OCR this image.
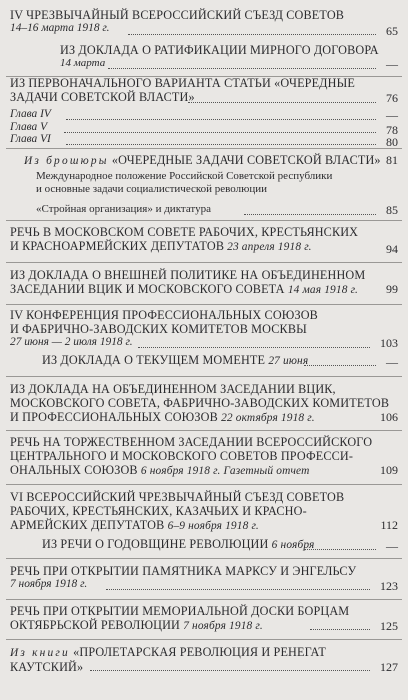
IV ЧРЕЗВЫЧАЙНЫЙ ВСЕРОССИЙСКИЙ СЪЕЗД СОВЕТОВ
14–16 марта 1918 г.	65
ИЗ ДОКЛАДА О РАТИФИКАЦИИ МИРНОГО ДОГОВОРА
14 марта	—
ИЗ ПЕРВОНАЧАЛЬНОГО ВАРИАНТА СТАТЬИ «ОЧЕРЕДНЫЕ
ЗАДАЧИ СОВЕТСКОЙ ВЛАСТИ»	76
Глава IV	—
Глава V	78
Глава VI	80
Из брошюры «ОЧЕРЕДНЫЕ ЗАДАЧИ СОВЕТСКОЙ ВЛАСТИ» 81
Международное положение Российской Советской республики
и основные задачи социалистической революции
«Стройная организация» и диктатура	85
РЕЧЬ В МОСКОВСКОМ СОВЕТЕ РАБОЧИХ, КРЕСТЬЯНСКИХ
И КРАСНОАРМЕЙСКИХ ДЕПУТАТОВ 23 апреля 1918 г.	94
ИЗ ДОКЛАДА О ВНЕШНЕЙ ПОЛИТИКЕ НА ОБЪЕДИНЕННОМ
ЗАСЕДАНИИ ВЦИК И МОСКОВСКОГО СОВЕТА 14 мая 1918 г.	99
IV КОНФЕРЕНЦИЯ ПРОФЕССИОНАЛЬНЫХ СОЮЗОВ
И ФАБРИЧНО-ЗАВОДСКИХ КОМИТЕТОВ МОСКВЫ
27 июня — 2 июля 1918 г.	103
ИЗ ДОКЛАДА О ТЕКУЩЕМ МОМЕНТЕ 27 июня	—
ИЗ ДОКЛАДА НА ОБЪЕДИНЕННОМ ЗАСЕДАНИИ ВЦИК,
МОСКОВСКОГО СОВЕТА, ФАБРИЧНО-ЗАВОДСКИХ КОМИТЕТОВ
И ПРОФЕССИОНАЛЬНЫХ СОЮЗОВ 22 октября 1918 г.	106
РЕЧЬ НА ТОРЖЕСТВЕННОМ ЗАСЕДАНИИ ВСЕРОССИЙСКОГО
ЦЕНТРАЛЬНОГО И МОСКОВСКОГО СОВЕТОВ ПРОФЕССИ-
ОНАЛЬНЫХ СОЮЗОВ 6 ноября 1918 г. Газетный отчет	109
VI ВСЕРОССИЙСКИЙ ЧРЕЗВЫЧАЙНЫЙ СЪЕЗД СОВЕТОВ
РАБОЧИХ, КРЕСТЬЯНСКИХ, КАЗАЧЬИХ И КРАСНО-
АРМЕЙСКИХ ДЕПУТАТОВ 6–9 ноября 1918 г.	112
ИЗ РЕЧИ О ГОДОВЩИНЕ РЕВОЛЮЦИИ 6 ноября	—
РЕЧЬ ПРИ ОТКРЫТИИ ПАМЯТНИКА МАРКСУ И ЭНГЕЛЬСУ
7 ноября 1918 г.	123
РЕЧЬ ПРИ ОТКРЫТИИ МЕМОРИАЛЬНОЙ ДОСКИ БОРЦАМ
ОКТЯБРЬСКОЙ РЕВОЛЮЦИИ 7 ноября 1918 г.	125
Из книги «ПРОЛЕТАРСКАЯ РЕВОЛЮЦИЯ И РЕНЕГАТ
КАУТСКИЙ»	127
